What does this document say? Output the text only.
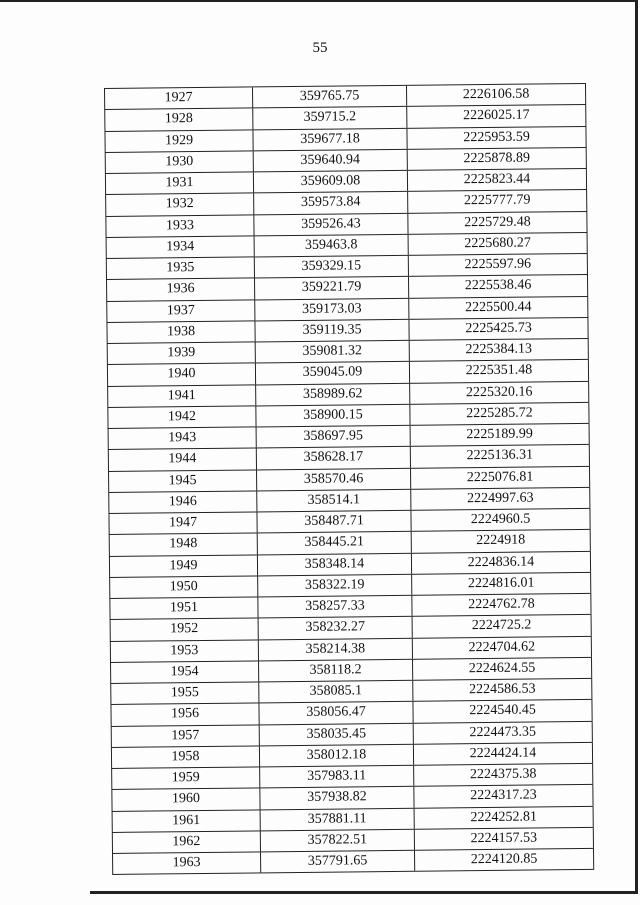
55
1927	359765.75	2226106.58
1928	359715.2	2226025.17
1929	359677.18	2225953.59
1930	359640.94	2225878.89
1931	359609.08	2225823.44
1932	359573.84	2225777.79
1933	359526.43	2225729.48
1934	359463.8	2225680.27
1935	359329.15	2225597.96
1936	359221.79	2225538.46
1937	359173.03	2225500.44
1938	359119.35	2225425.73
1939	359081.32	2225384.13
1940	359045.09	2225351.48
1941	358989.62	2225320.16
1942	358900.15	2225285.72
1943	358697.95	2225189.99
1944	358628.17	2225136.31
1945	358570.46	2225076.81
1946	358514.1	2224997.63
1947	358487.71	2224960.5
1948	358445.21	2224918
1949	358348.14	2224836.14
1950	358322.19	2224816.01
1951	358257.33	2224762.78
1952	358232.27	2224725.2
1953	358214.38	2224704.62
1954	358118.2	2224624.55
1955	358085.1	2224586.53
1956	358056.47	2224540.45
1957	358035.45	2224473.35
1958	358012.18	2224424.14
1959	357983.11	2224375.38
1960	357938.82	2224317.23
1961	357881.11	2224252.81
1962	357822.51	2224157.53
1963	357791.65	2224120.85
